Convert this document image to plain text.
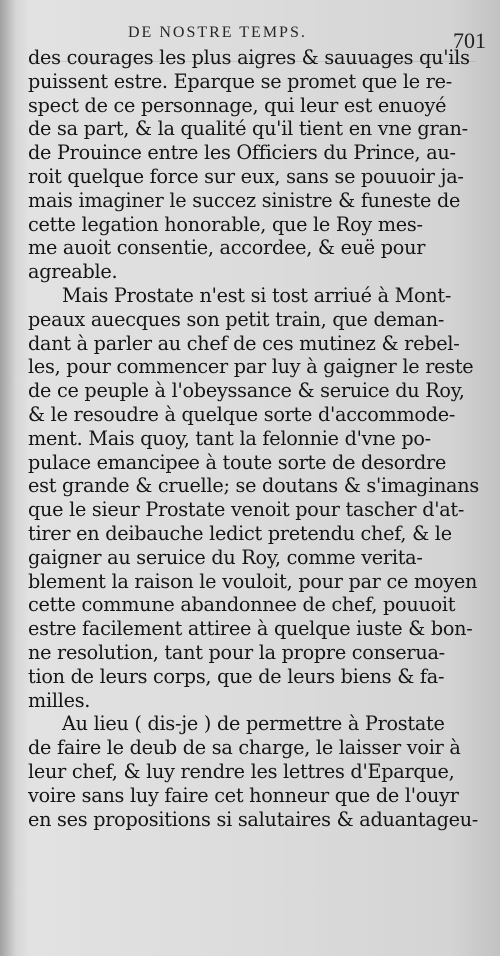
DE NOSTRE TEMPS.	701
des courages les plus aigres & sauuages qu'ils
puissent estre. Eparque se promet que le re-
spect de ce personnage, qui leur est enuoyé
de sa part, & la qualité qu'il tient en vne gran-
de Prouince entre les Officiers du Prince, au-
roit quelque force sur eux, sans se pouuoir ja-
mais imaginer le succez sinistre & funeste de
cette legation honorable, que le Roy mes-
me auoit consentie, accordee, & euë pour
agreable.
Mais Prostate n'est si tost arriué à Mont-
peaux auecques son petit train, que deman-
dant à parler au chef de ces mutinez & rebel-
les, pour commencer par luy à gaigner le reste
de ce peuple à l'obeyssance & seruice du Roy,
& le resoudre à quelque sorte d'accommode-
ment. Mais quoy, tant la felonnie d'vne po-
pulace emancipee à toute sorte de desordre
est grande & cruelle; se doutans & s'imaginans
que le sieur Prostate venoit pour tascher d'at-
tirer en deibauche ledict pretendu chef, & le
gaigner au seruice du Roy, comme verita-
blement la raison le vouloit, pour par ce moyen
cette commune abandonnee de chef, pouuoit
estre facilement attiree à quelque iuste & bon-
ne resolution, tant pour la propre conserua-
tion de leurs corps, que de leurs biens & fa-
milles.
Au lieu ( dis-je ) de permettre à Prostate
de faire le deub de sa charge, le laisser voir à
leur chef, & luy rendre les lettres d'Eparque,
voire sans luy faire cet honneur que de l'ouyr
en ses propositions si salutaires & aduantageu-
